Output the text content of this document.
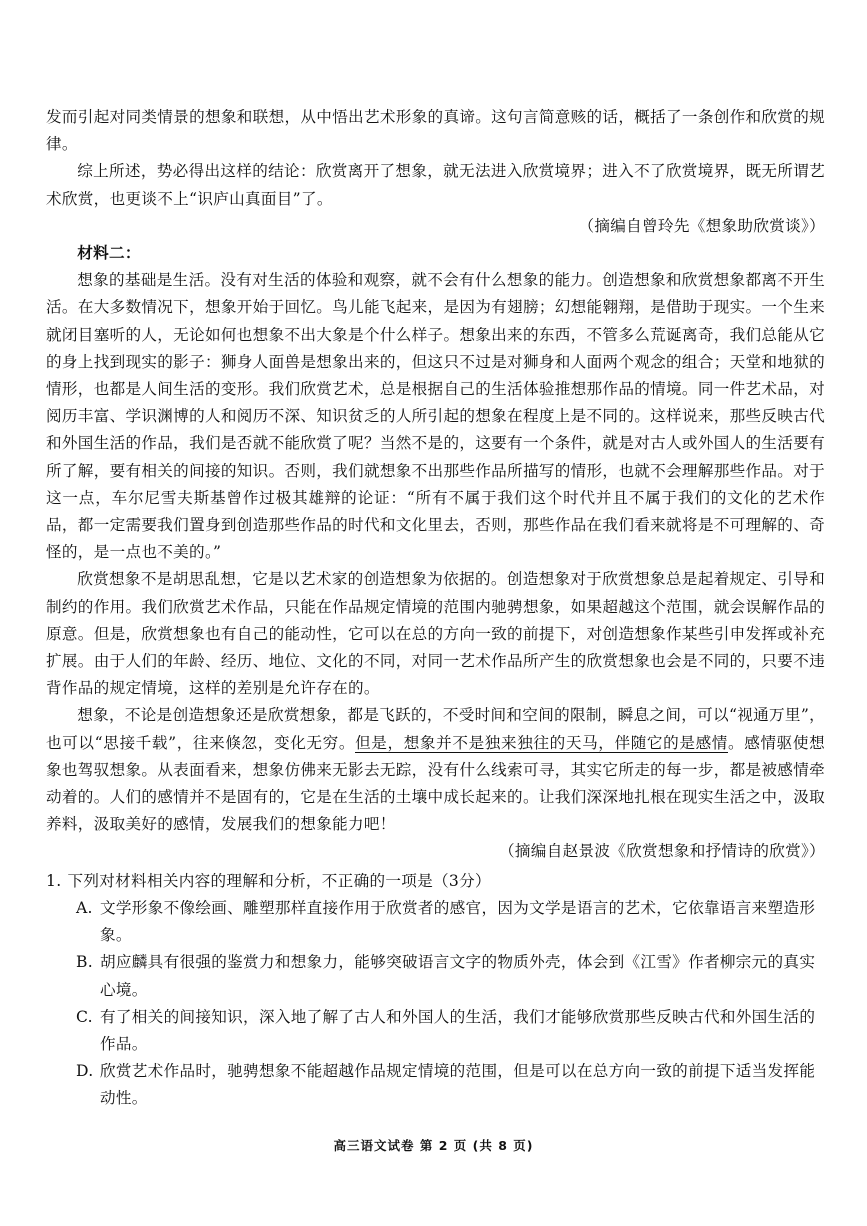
发而引起对同类情景的想象和联想，从中悟出艺术形象的真谛。这句言简意赅的话，概括了一条创作和欣赏的规律。

综上所述，势必得出这样的结论：欣赏离开了想象，就无法进入欣赏境界；进入不了欣赏境界，既无所谓艺术欣赏，也更谈不上“识庐山真面目”了。

（摘编自曾玲先《想象助欣赏谈》）

材料二：

想象的基础是生活。没有对生活的体验和观察，就不会有什么想象的能力。创造想象和欣赏想象都离不开生活。在大多数情况下，想象开始于回忆。鸟儿能飞起来，是因为有翅膀；幻想能翱翔，是借助于现实。一个生来就闭目塞听的人，无论如何也想象不出大象是个什么样子。想象出来的东西，不管多么荒诞离奇，我们总能从它的身上找到现实的影子：狮身人面兽是想象出来的，但这只不过是对狮身和人面两个观念的组合；天堂和地狱的情形，也都是人间生活的变形。我们欣赏艺术，总是根据自己的生活体验推想那作品的情境。同一件艺术品，对阅历丰富、学识渊博的人和阅历不深、知识贫乏的人所引起的想象在程度上是不同的。这样说来，那些反映古代和外国生活的作品，我们是否就不能欣赏了呢？当然不是的，这要有一个条件，就是对古人或外国人的生活要有所了解，要有相关的间接的知识。否则，我们就想象不出那些作品所描写的情形，也就不会理解那些作品。对于这一点，车尔尼雪夫斯基曾作过极其雄辩的论证：“所有不属于我们这个时代并且不属于我们的文化的艺术作品，都一定需要我们置身到创造那些作品的时代和文化里去，否则，那些作品在我们看来就将是不可理解的、奇怪的，是一点也不美的。”

欣赏想象不是胡思乱想，它是以艺术家的创造想象为依据的。创造想象对于欣赏想象总是起着规定、引导和制约的作用。我们欣赏艺术作品，只能在作品规定情境的范围内驰骋想象，如果超越这个范围，就会误解作品的原意。但是，欣赏想象也有自己的能动性，它可以在总的方向一致的前提下，对创造想象作某些引申发挥或补充扩展。由于人们的年龄、经历、地位、文化的不同，对同一艺术作品所产生的欣赏想象也会是不同的，只要不违背作品的规定情境，这样的差别是允许存在的。

想象，不论是创造想象还是欣赏想象，都是飞跃的，不受时间和空间的限制，瞬息之间，可以“视通万里”，也可以“思接千载”，往来倏忽，变化无穷。但是，想象并不是独来独往的天马，伴随它的是感情。感情驱使想象也驾驭想象。从表面看来，想象仿佛来无影去无踪，没有什么线索可寻，其实它所走的每一步，都是被感情牵动着的。人们的感情并不是固有的，它是在生活的土壤中成长起来的。让我们深深地扎根在现实生活之中，汲取养料，汲取美好的感情，发展我们的想象能力吧！

（摘编自赵景波《欣赏想象和抒情诗的欣赏》）

1. 下列对材料相关内容的理解和分析，不正确的一项是（3分）
A. 文学形象不像绘画、雕塑那样直接作用于欣赏者的感官，因为文学是语言的艺术，它依靠语言来塑造形象。
B. 胡应麟具有很强的鉴赏力和想象力，能够突破语言文字的物质外壳，体会到《江雪》作者柳宗元的真实心境。
C. 有了相关的间接知识，深入地了解了古人和外国人的生活，我们才能够欣赏那些反映古代和外国生活的作品。
D. 欣赏艺术作品时，驰骋想象不能超越作品规定情境的范围，但是可以在总方向一致的前提下适当发挥能动性。
高三语文试卷 第 2 页 (共 8 页)
